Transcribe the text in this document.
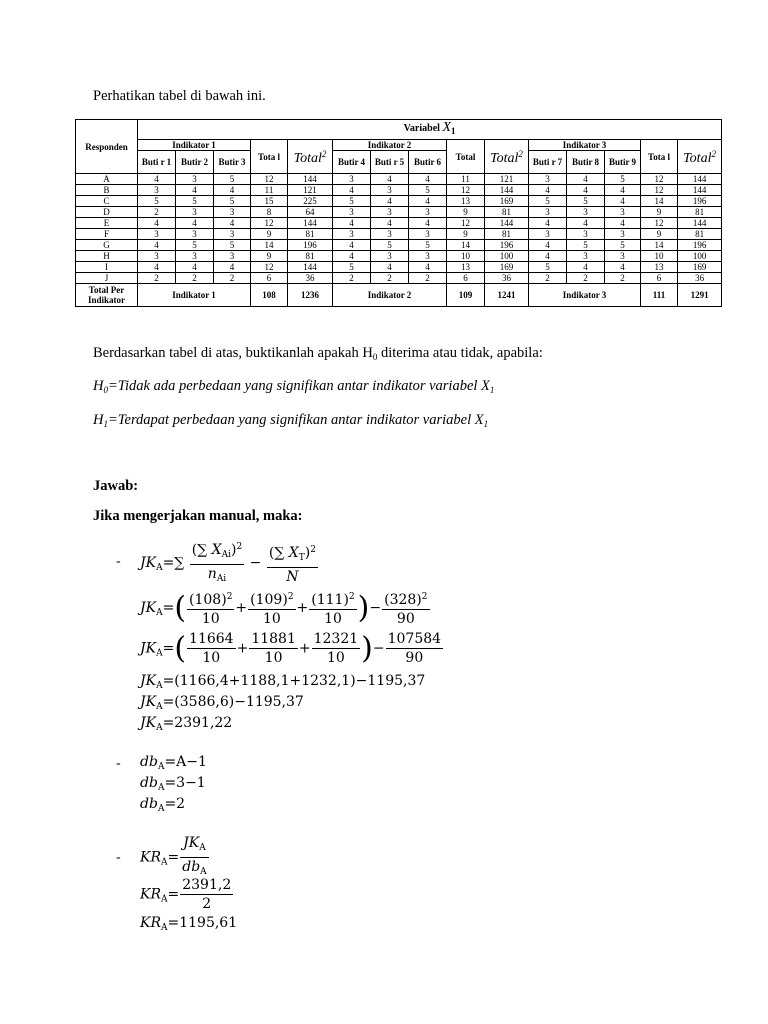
Perhatikan tabel di bawah ini.

Responden	Variabel $X_1$
	Indikator 1			Tota l	Total$^2$	Indikator 2			Total	Total$^2$	Indikator 3			Tota l	Total$^2$
	Buti r 1	Butir 2	Butir 3			Butir 4	Buti r 5	Butir 6			Buti r 7	Butir 8	Butir 9		
A	4	3	5	12	144	3	4	4	11	121	3	4	5	12	144
B	3	4	4	11	121	4	3	5	12	144	4	4	4	12	144
C	5	5	5	15	225	5	4	4	13	169	5	5	4	14	196
D	2	3	3	8	64	3	3	3	9	81	3	3	3	9	81
E	4	4	4	12	144	4	4	4	12	144	4	4	4	12	144
F	3	3	3	9	81	3	3	3	9	81	3	3	3	9	81
G	4	5	5	14	196	4	5	5	14	196	4	5	5	14	196
H	3	3	3	9	81	4	3	3	10	100	4	3	3	10	100
I	4	4	4	12	144	5	4	4	13	169	5	4	4	13	169
J	2	2	2	6	36	2	2	2	6	36	2	2	2	6	36
Total Per Indikator	Indikator 1			108	1236	Indikator 2			109	1241	Indikator 3			111	1291

Berdasarkan tabel di atas, buktikanlah apakah $H_0$ diterima atau tidak, apabila:

$H_0=Tidak$ ada perbedaan yang signifikan antar indikator variabel $X_1$

$H_1=Terdapat$ perbedaan yang signifikan antar indikator variabel $X_1$

Jawab:

Jika mengerjakan manual, maka:

- $JK_A=\sum \frac{(\sum X_{Ai})^2}{n_{Ai}} - \frac{(\sum X_T)^2}{N}$
$JK_A=( \frac{(108)^2}{10} + \frac{(109)^2}{10} + \frac{(111)^2}{10}$ )− $\frac{(328)^2}{90}$
$JK_A=( \frac{11664}{10} + \frac{11881}{10} + \frac{12321}{10}$ )− $\frac{107584}{90}$
$JK_A=(1166,4+1188,1+1232,1)-1195,37$
$JK_A=(3586,6)-1195,37$
$JK_A=2391,22$
- $db_A=A-1$
$db_A=3-1$
$db_A=2$
- $KR_A= \frac{JK_A}{db_A}$
$KR_A= \frac{2391,2}{2}$
$KR_A=1195,61$
